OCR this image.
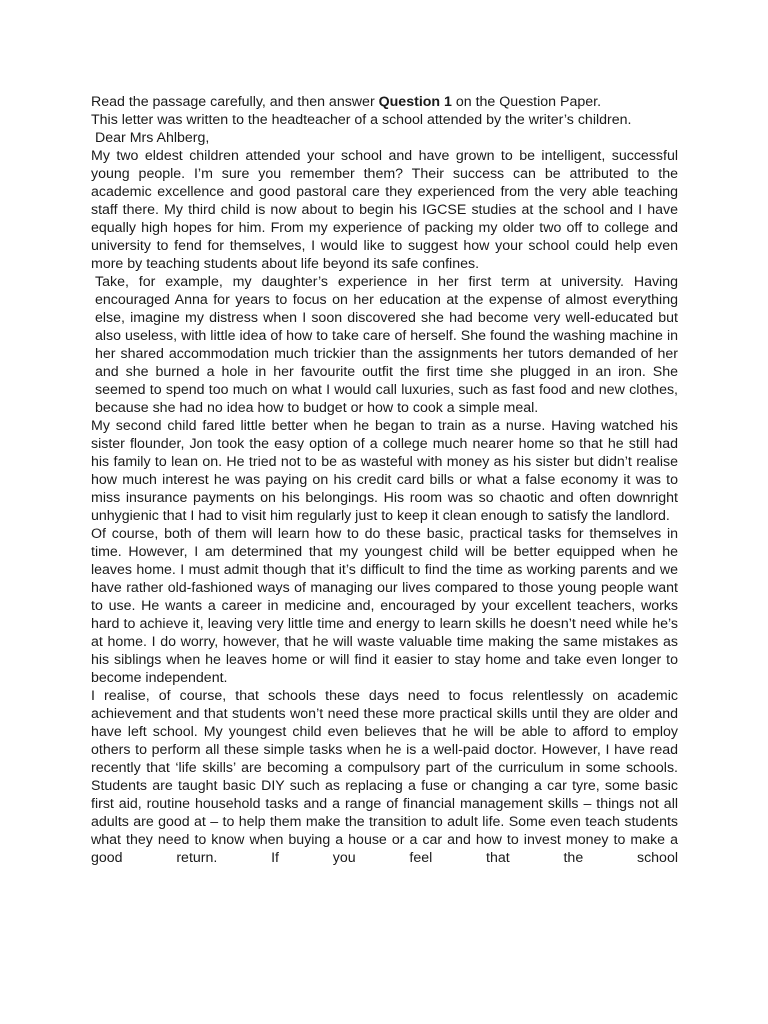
Read the passage carefully, and then answer Question 1 on the Question Paper.

This letter was written to the headteacher of a school attended by the writer’s children.

Dear Mrs Ahlberg,

My two eldest children attended your school and have grown to be intelligent, successful young people. I’m sure you remember them? Their success can be attributed to the academic excellence and good pastoral care they experienced from the very able teaching staff there. My third child is now about to begin his IGCSE studies at the school and I have equally high hopes for him. From my experience of packing my older two off to college and university to fend for themselves, I would like to suggest how your school could help even more by teaching students about life beyond its safe confines.

Take, for example, my daughter’s experience in her first term at university. Having encouraged Anna for years to focus on her education at the expense of almost everything else, imagine my distress when I soon discovered she had become very well-educated but also useless, with little idea of how to take care of herself. She found the washing machine in her shared accommodation much trickier than the assignments her tutors demanded of her and she burned a hole in her favourite outfit the first time she plugged in an iron. She seemed to spend too much on what I would call luxuries, such as fast food and new clothes, because she had no idea how to budget or how to cook a simple meal.

My second child fared little better when he began to train as a nurse. Having watched his sister flounder, Jon took the easy option of a college much nearer home so that he still had his family to lean on. He tried not to be as wasteful with money as his sister but didn’t realise how much interest he was paying on his credit card bills or what a false economy it was to miss insurance payments on his belongings. His room was so chaotic and often downright unhygienic that I had to visit him regularly just to keep it clean enough to satisfy the landlord.

Of course, both of them will learn how to do these basic, practical tasks for themselves in time. However, I am determined that my youngest child will be better equipped when he leaves home. I must admit though that it’s difficult to find the time as working parents and we have rather old-fashioned ways of managing our lives compared to those young people want to use. He wants a career in medicine and, encouraged by your excellent teachers, works hard to achieve it, leaving very little time and energy to learn skills he doesn’t need while he’s at home. I do worry, however, that he will waste valuable time making the same mistakes as his siblings when he leaves home or will find it easier to stay home and take even longer to become independent.

I realise, of course, that schools these days need to focus relentlessly on academic achievement and that students won’t need these more practical skills until they are older and have left school. My youngest child even believes that he will be able to afford to employ others to perform all these simple tasks when he is a well-paid doctor. However, I have read recently that ‘life skills’ are becoming a compulsory part of the curriculum in some schools. Students are taught basic DIY such as replacing a fuse or changing a car tyre, some basic first aid, routine household tasks and a range of financial management skills – things not all adults are good at – to help them make the transition to adult life. Some even teach students what they need to know when buying a house or a car and how to invest money to make a good return. If you feel that the school
